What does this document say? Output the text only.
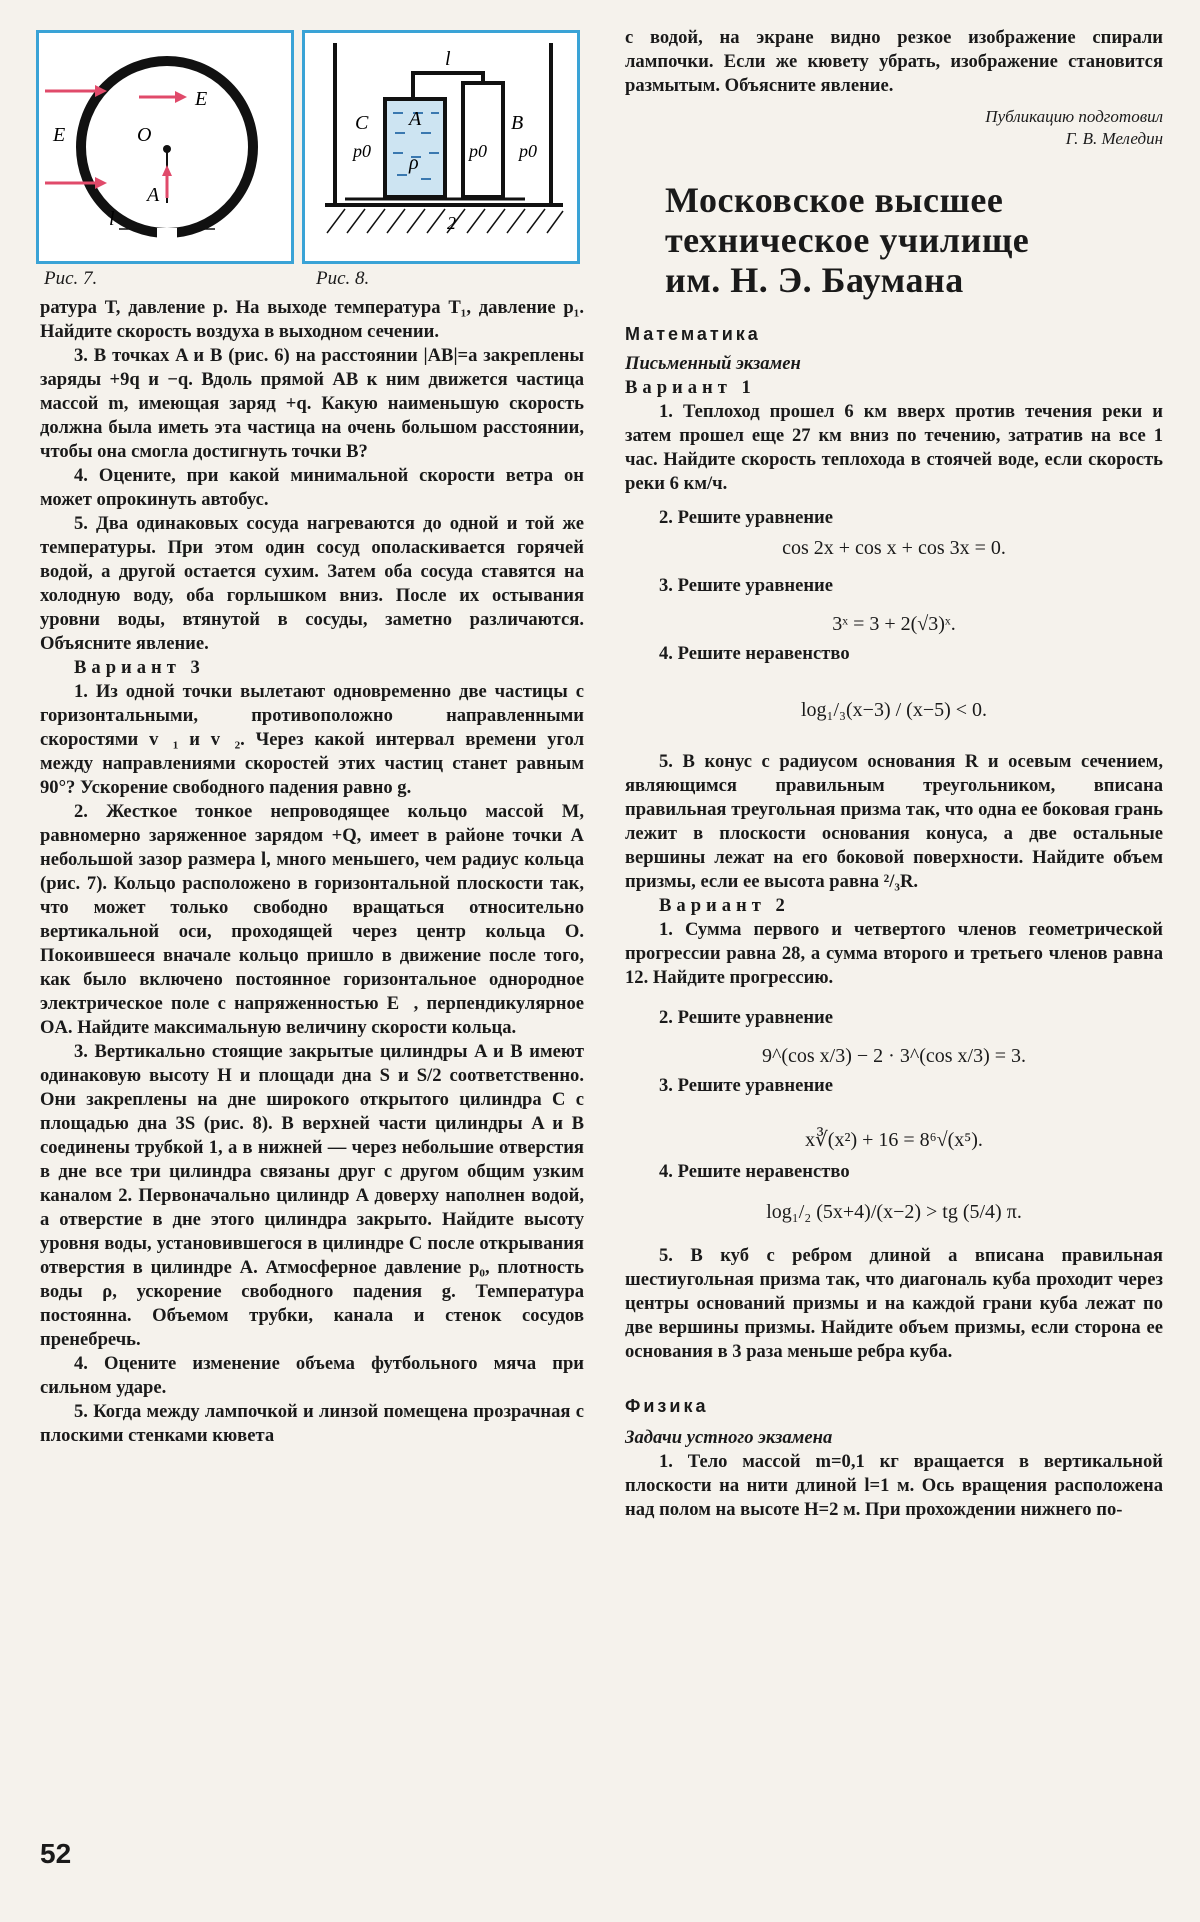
E
E
O
A
l
Рис. 7.
l
C A	B
p0
ρ
p0 p0
2
Рис. 8.

ратура T, давление p. На выходе температура T₁, давление p₁. Найдите скорость воздуха в выходном сечении.

3. В точках A и B (рис. 6) на расстоянии |AB|=a закреплены заряды +9q и −q. Вдоль прямой AB к ним движется частица массой m, имеющая заряд +q. Какую наименьшую скорость должна была иметь эта частица на очень большом расстоянии, чтобы она смогла достигнуть точки B?

4. Оцените, при какой минимальной скорости ветра он может опрокинуть автобус.

5. Два одинаковых сосуда нагреваются до одной и той же температуры. При этом один сосуд ополаскивается горячей водой, а другой остается сухим. Затем оба сосуда ставятся на холодную воду, оба горлышком вниз. После их остывания уровни воды, втянутой в сосуды, заметно различаются. Объясните явление.

Вариант 3

1. Из одной точки вылетают одновременно две частицы с горизонтальными, противоположно направленными скоростями v⃗₁ и v⃗₂. Через какой интервал времени угол между направлениями скоростей этих частиц станет равным 90°? Ускорение свободного падения равно g.

2. Жесткое тонкое непроводящее кольцо массой M, равномерно заряженное зарядом +Q, имеет в районе точки A небольшой зазор размера l, много меньшего, чем радиус кольца (рис. 7). Кольцо расположено в горизонтальной плоскости так, что может только свободно вращаться относительно вертикальной оси, проходящей через центр кольца O. Покоившееся вначале кольцо пришло в движение после того, как было включено постоянное горизонтальное однородное электрическое поле с напряженностью E⃗, перпендикулярное OA. Найдите максимальную величину скорости кольца.

3. Вертикально стоящие закрытые цилиндры A и B имеют одинаковую высоту H и площади дна S и S/2 соответственно. Они закреплены на дне широкого открытого цилиндра C с площадью дна 3S (рис. 8). В верхней части цилиндры A и B соединены трубкой 1, а в нижней — через небольшие отверстия в дне все три цилиндра связаны друг с другом общим узким каналом 2. Первоначально цилиндр A доверху наполнен водой, а отверстие в дне этого цилиндра закрыто. Найдите высоту уровня воды, установившегося в цилиндре C после открывания отверстия в цилиндре A. Атмосферное давление p₀, плотность воды ρ, ускорение свободного падения g. Температура постоянна. Объемом трубки, канала и стенок сосудов пренебречь.

4. Оцените изменение объема футбольного мяча при сильном ударе.

5. Когда между лампочкой и линзой помещена прозрачная с плоскими стенками кювета

с водой, на экране видно резкое изображение спирали лампочки. Если же кювету убрать, изображение становится размытым. Объясните явление.

Публикацию подготовил

Г. В. Меледин

Московское высшее техническое училище им. Н. Э. Баумана

Математика

Письменный экзамен

Вариант 1

1. Теплоход прошел 6 км вверх против течения реки и затем прошел еще 27 км вниз по течению, затратив на все 1 час. Найдите скорость теплохода в стоячей воде, если скорость реки 6 км/ч.

2. Решите уравнение

cos 2x + cos x + cos 3x = 0.

3. Решите уравнение

3ˣ = 3 + 2(√3)ˣ.

4. Решите неравенство

log₁/₃(x−3) / (x−5) < 0.

5. В конус с радиусом основания R и осевым сечением, являющимся правильным треугольником, вписана правильная треугольная призма так, что одна ее боковая грань лежит в плоскости основания конуса, а две остальные вершины лежат на его боковой поверхности. Найдите объем призмы, если ее высота равна ²/₃R.

Вариант 2

1. Сумма первого и четвертого членов геометрической прогрессии равна 28, а сумма второго и третьего членов равна 12. Найдите прогрессию.

2. Решите уравнение

9^(cos x/3) − 2 · 3^(cos x/3) = 3.

3. Решите уравнение

x∛(x²) + 16 = 8⁶√(x⁵).

4. Решите неравенство

log₁/₂ (5x+4)/(x−2) > tg (5/4) π.

5. В куб с ребром длиной a вписана правильная шестиугольная призма так, что диагональ куба проходит через центры оснований призмы и на каждой грани куба лежат по две вершины призмы. Найдите объем призмы, если сторона ее основания в 3 раза меньше ребра куба.

Физика

Задачи устного экзамена

1. Тело массой m=0,1 кг вращается в вертикальной плоскости на нити длиной l=1 м. Ось вращения расположена над полом на высоте H=2 м. При прохождении нижнего по-

52
